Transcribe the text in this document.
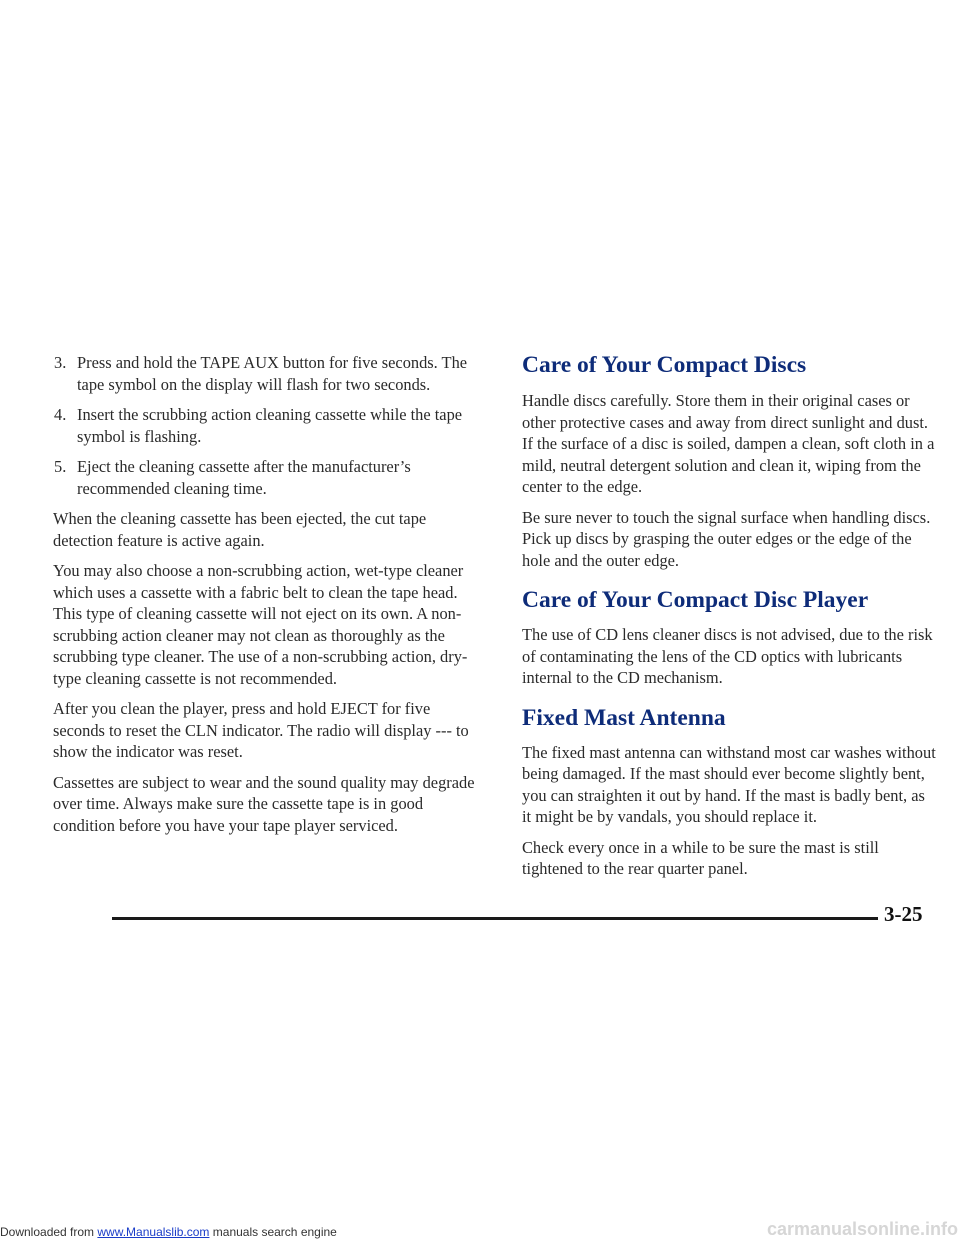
3. Press and hold the TAPE AUX button for five seconds. The tape symbol on the display will flash for two seconds.
4. Insert the scrubbing action cleaning cassette while the tape symbol is flashing.
5. Eject the cleaning cassette after the manufacturer’s recommended cleaning time.

When the cleaning cassette has been ejected, the cut tape detection feature is active again.

You may also choose a non-scrubbing action, wet-type cleaner which uses a cassette with a fabric belt to clean the tape head. This type of cleaning cassette will not eject on its own. A non-scrubbing action cleaner may not clean as thoroughly as the scrubbing type cleaner. The use of a non-scrubbing action, dry-type cleaning cassette is not recommended.

After you clean the player, press and hold EJECT for five seconds to reset the CLN indicator. The radio will display --- to show the indicator was reset.

Cassettes are subject to wear and the sound quality may degrade over time. Always make sure the cassette tape is in good condition before you have your tape player serviced.

Care of Your Compact Discs

Handle discs carefully. Store them in their original cases or other protective cases and away from direct sunlight and dust. If the surface of a disc is soiled, dampen a clean, soft cloth in a mild, neutral detergent solution and clean it, wiping from the center to the edge.

Be sure never to touch the signal surface when handling discs. Pick up discs by grasping the outer edges or the edge of the hole and the outer edge.

Care of Your Compact Disc Player

The use of CD lens cleaner discs is not advised, due to the risk of contaminating the lens of the CD optics with lubricants internal to the CD mechanism.

Fixed Mast Antenna

The fixed mast antenna can withstand most car washes without being damaged. If the mast should ever become slightly bent, you can straighten it out by hand. If the mast is badly bent, as it might be by vandals, you should replace it.

Check every once in a while to be sure the mast is still tightened to the rear quarter panel.

3-25
Downloaded from www.Manualslib.com manuals search engine	carmanualsonline.info
